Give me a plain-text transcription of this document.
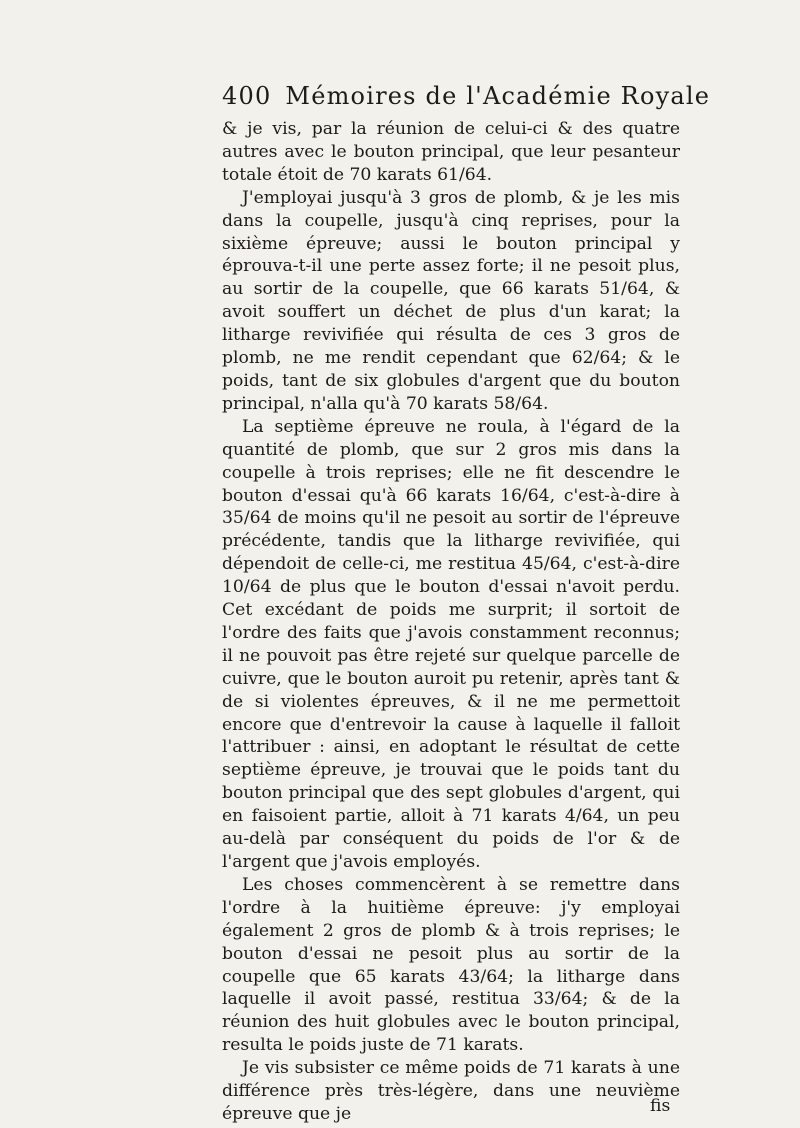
400 Mémoires de l'Académie Royale

& je vis, par la réunion de celui-ci & des quatre autres avec le bouton principal, que leur pesanteur totale étoit de 70 karats 61/64.

J'employai jusqu'à 3 gros de plomb, & je les mis dans la coupelle, jusqu'à cinq reprises, pour la sixième épreuve; aussi le bouton principal y éprouva-t-il une perte assez forte; il ne pesoit plus, au sortir de la coupelle, que 66 karats 51/64, & avoit souffert un déchet de plus d'un karat; la litharge revivifiée qui résulta de ces 3 gros de plomb, ne me rendit cependant que 62/64; & le poids, tant de six globules d'argent que du bouton principal, n'alla qu'à 70 karats 58/64.

La septième épreuve ne roula, à l'égard de la quantité de plomb, que sur 2 gros mis dans la coupelle à trois reprises; elle ne fit descendre le bouton d'essai qu'à 66 karats 16/64, c'est-à-dire à 35/64 de moins qu'il ne pesoit au sortir de l'épreuve précédente, tandis que la litharge revivifiée, qui dépendoit de celle-ci, me restitua 45/64, c'est-à-dire 10/64 de plus que le bouton d'essai n'avoit perdu. Cet excédant de poids me surprit; il sortoit de l'ordre des faits que j'avois constamment reconnus; il ne pouvoit pas être rejeté sur quelque parcelle de cuivre, que le bouton auroit pu retenir, après tant & de si violentes épreuves, & il ne me permettoit encore que d'entrevoir la cause à laquelle il falloit l'attribuer : ainsi, en adoptant le résultat de cette septième épreuve, je trouvai que le poids tant du bouton principal que des sept globules d'argent, qui en faisoient partie, alloit à 71 karats 4/64, un peu au-delà par conséquent du poids de l'or & de l'argent que j'avois employés.

Les choses commencèrent à se remettre dans l'ordre à la huitième épreuve: j'y employai également 2 gros de plomb & à trois reprises; le bouton d'essai ne pesoit plus au sortir de la coupelle que 65 karats 43/64; la litharge dans laquelle il avoit passé, restitua 33/64; & de la réunion des huit globules avec le bouton principal, resulta le poids juste de 71 karats.

Je vis subsister ce même poids de 71 karats à une différence près très-légère, dans une neuvième épreuve que je	fis
